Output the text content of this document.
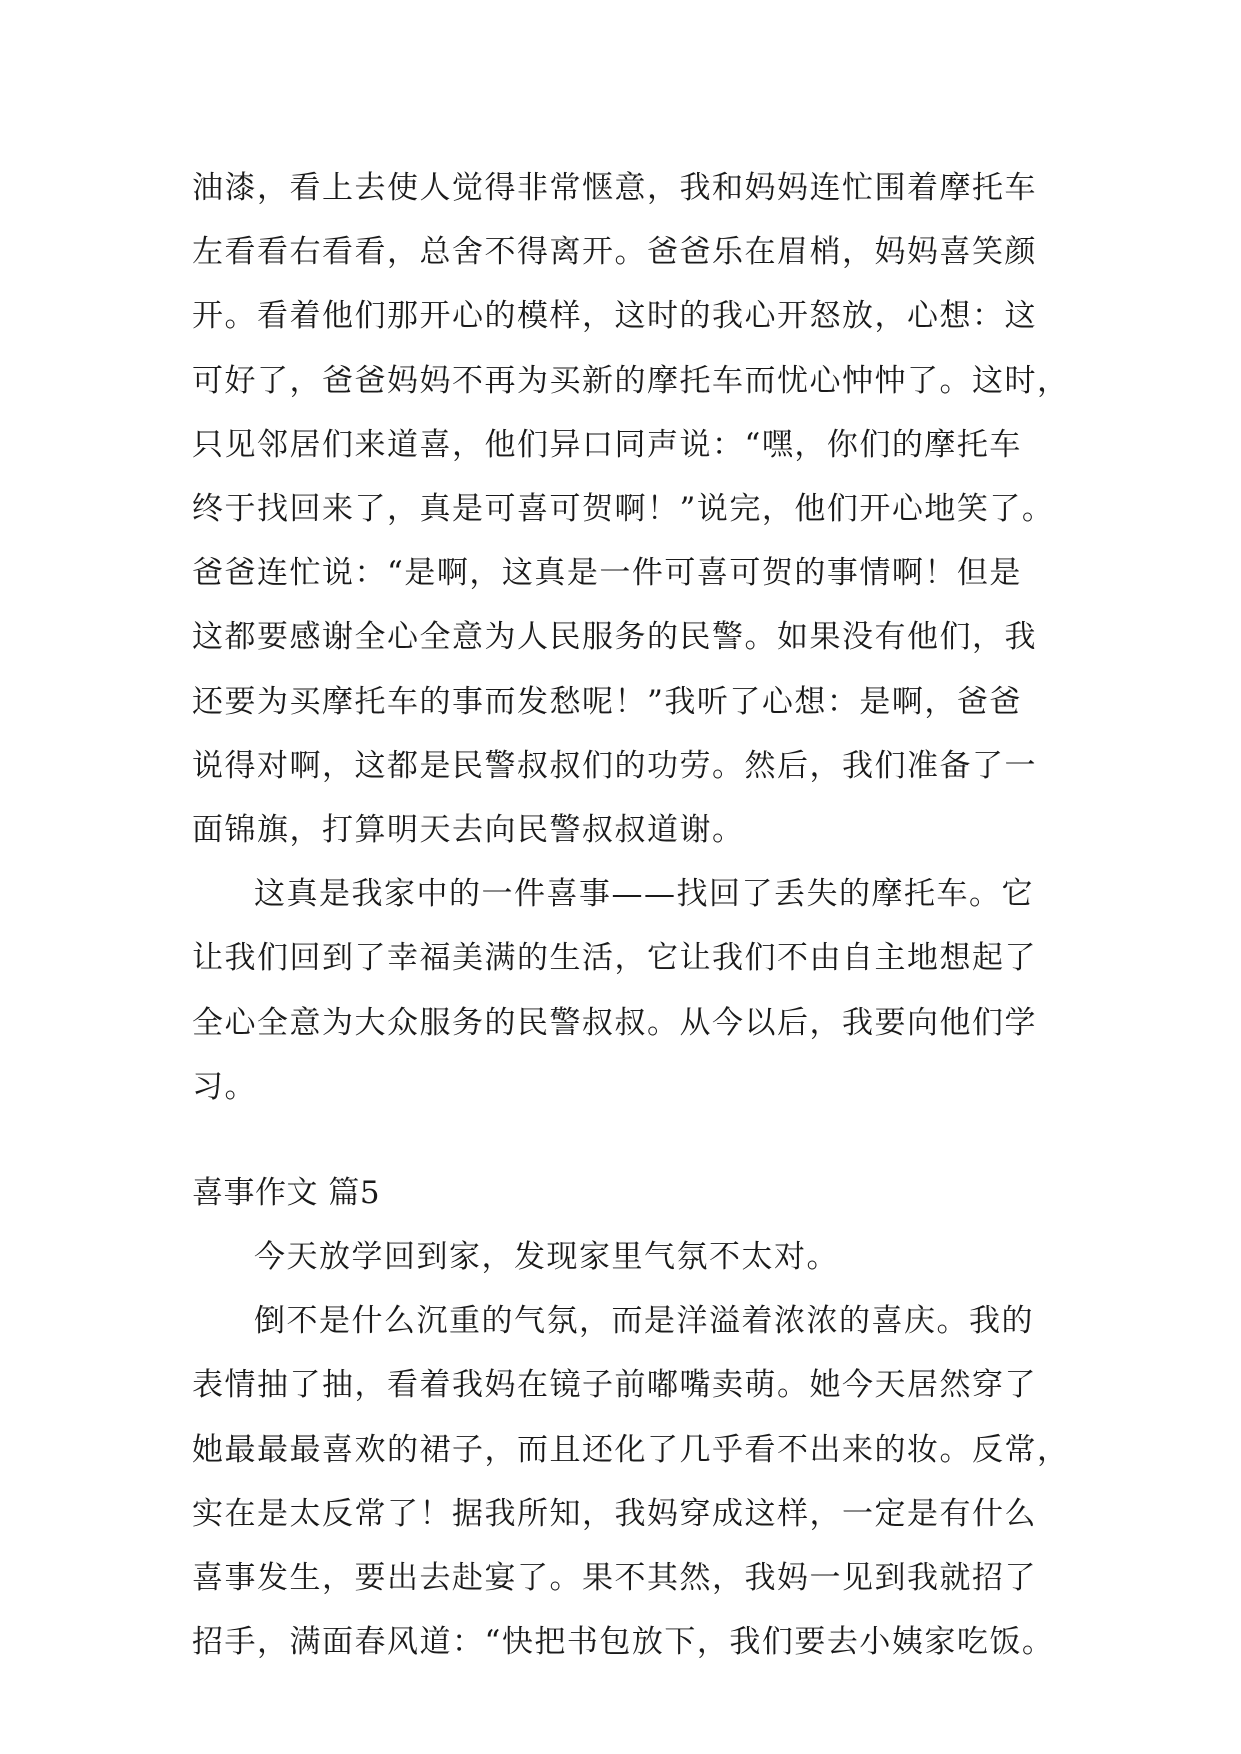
油漆，看上去使人觉得非常惬意，我和妈妈连忙围着摩托车
左看看右看看，总舍不得离开。爸爸乐在眉梢，妈妈喜笑颜
开。看着他们那开心的模样，这时的我心开怒放，心想：这
可好了，爸爸妈妈不再为买新的摩托车而忧心忡忡了。这时，
只见邻居们来道喜，他们异口同声说：“嘿，你们的摩托车
终于找回来了，真是可喜可贺啊！”说完，他们开心地笑了。
爸爸连忙说：“是啊，这真是一件可喜可贺的事情啊！但是
这都要感谢全心全意为人民服务的民警。如果没有他们，我
还要为买摩托车的事而发愁呢！”我听了心想：是啊，爸爸
说得对啊，这都是民警叔叔们的功劳。然后，我们准备了一
面锦旗，打算明天去向民警叔叔道谢。
这真是我家中的一件喜事——找回了丢失的摩托车。它
让我们回到了幸福美满的生活，它让我们不由自主地想起了
全心全意为大众服务的民警叔叔。从今以后，我要向他们学
习。
喜事作文 篇5
今天放学回到家，发现家里气氛不太对。
倒不是什么沉重的气氛，而是洋溢着浓浓的喜庆。我的
表情抽了抽，看着我妈在镜子前嘟嘴卖萌。她今天居然穿了
她最最最喜欢的裙子，而且还化了几乎看不出来的妆。反常，
实在是太反常了！据我所知，我妈穿成这样，一定是有什么
喜事发生，要出去赴宴了。果不其然，我妈一见到我就招了
招手，满面春风道：“快把书包放下，我们要去小姨家吃饭。
